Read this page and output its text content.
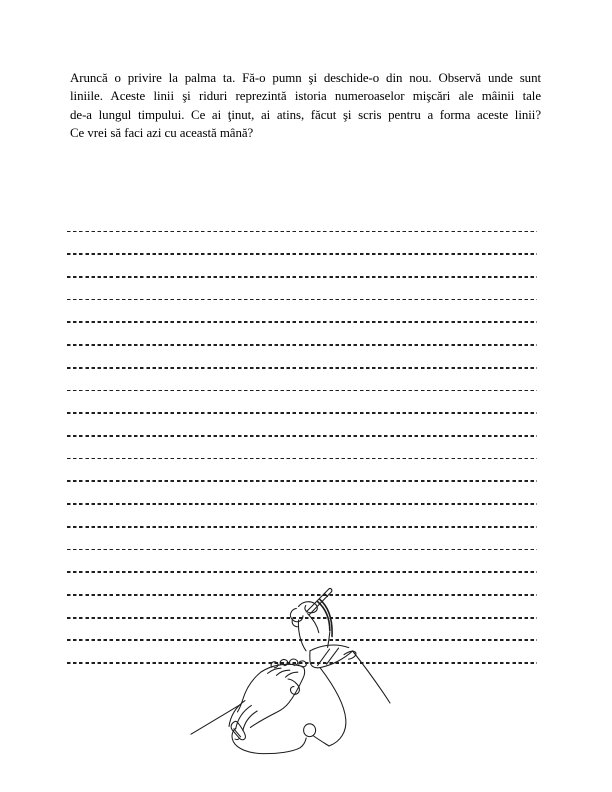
Aruncă o privire la palma ta. Fă-o pumn şi deschide-o din nou. Observă unde sunt
liniile. Aceste linii şi riduri reprezintă istoria numeroaselor mişcări ale mâinii tale
de-a lungul timpului. Ce ai ţinut, ai atins, făcut şi scris pentru a forma aceste linii?
Ce vrei să faci azi cu această mână?
